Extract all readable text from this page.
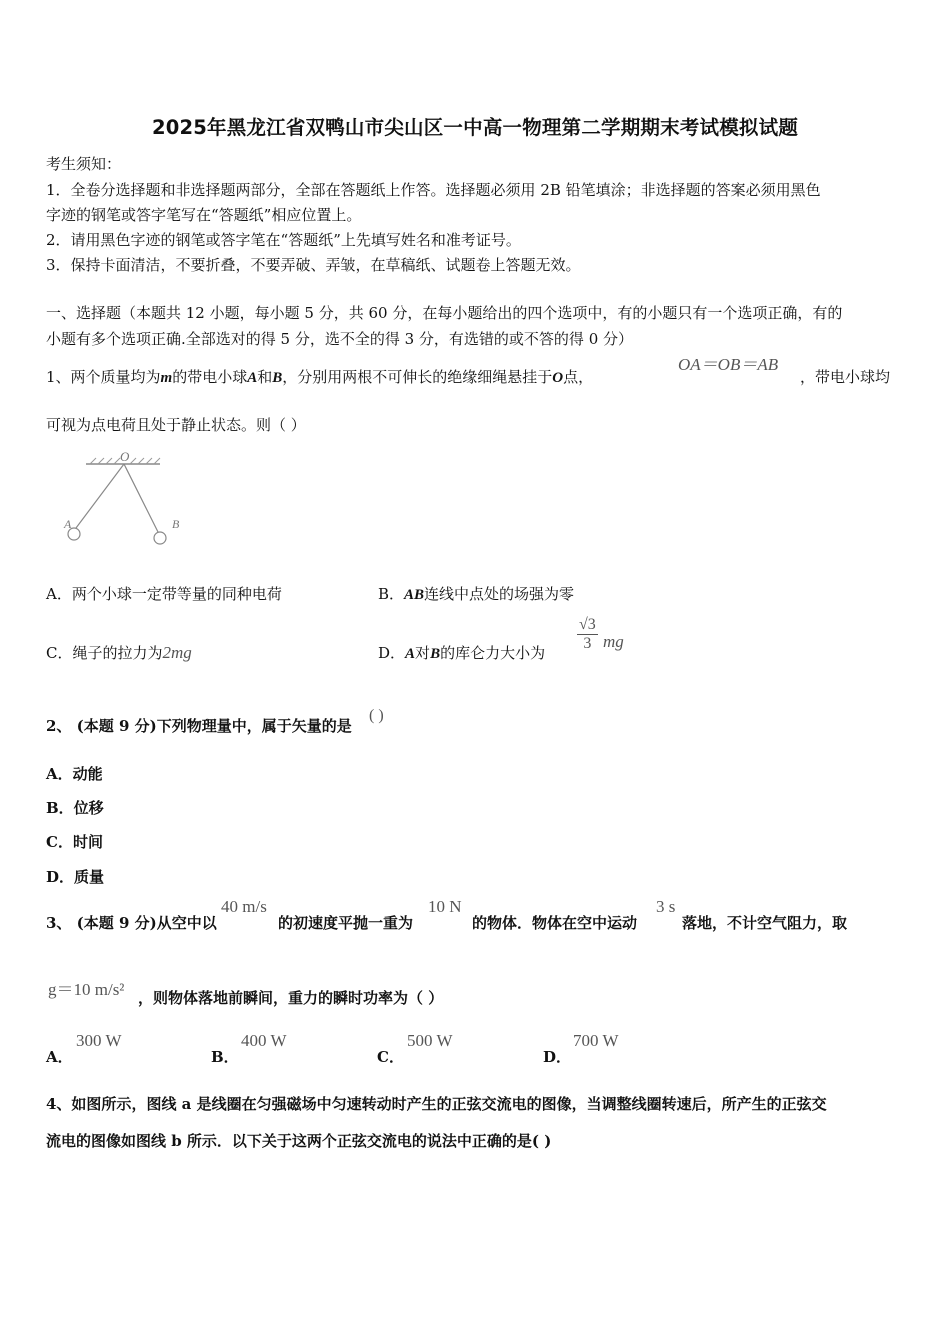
2025年黑龙江省双鸭山市尖山区一中高一物理第二学期期末考试模拟试题
考生须知：
1．全卷分选择题和非选择题两部分，全部在答题纸上作答。选择题必须用 2B 铅笔填涂；非选择题的答案必须用黑色
字迹的钢笔或答字笔写在“答题纸”相应位置上。
2．请用黑色字迹的钢笔或答字笔在“答题纸”上先填写姓名和准考证号。
3．保持卡面清洁，不要折叠，不要弄破、弄皱，在草稿纸、试题卷上答题无效。
一、选择题（本题共 12 小题，每小题 5 分，共 60 分，在每小题给出的四个选项中，有的小题只有一个选项正确，有的
小题有多个选项正确.全部选对的得 5 分，选不全的得 3 分，有选错的或不答的得 0 分）
1、两个质量均为m的带电小球A和B，分别用两根不可伸长的绝缘细绳悬挂于O点，
OA＝OB＝AB
，带电小球均
可视为点电荷且处于静止状态。则（ ）
O
A	B
A．两个小球一定带等量的同种电荷	B．AB连线中点处的场强为零
C．绳子的拉力为2mg	D．A对B的库仑力大小为 $\frac{√3}{3}$ mg
2、 (本题 9 分)下列物理量中，属于矢量的是
( )
A．动能
B．位移
C．时间
D．质量
3、 (本题 9 分)从空中以
40 m/s
的初速度平抛一重为
10 N
的物体．物体在空中运动
3 s
落地，不计空气阻力，取
g＝10 m/s² ，则物体落地前瞬间，重力的瞬时功率为（ ）
A．
300 W
B．
400 W
C．
500 W
D．
700 W
4、如图所示，图线 a 是线圈在匀强磁场中匀速转动时产生的正弦交流电的图像，当调整线圈转速后，所产生的正弦交
流电的图像如图线 b 所示．以下关于这两个正弦交流电的说法中正确的是( )
